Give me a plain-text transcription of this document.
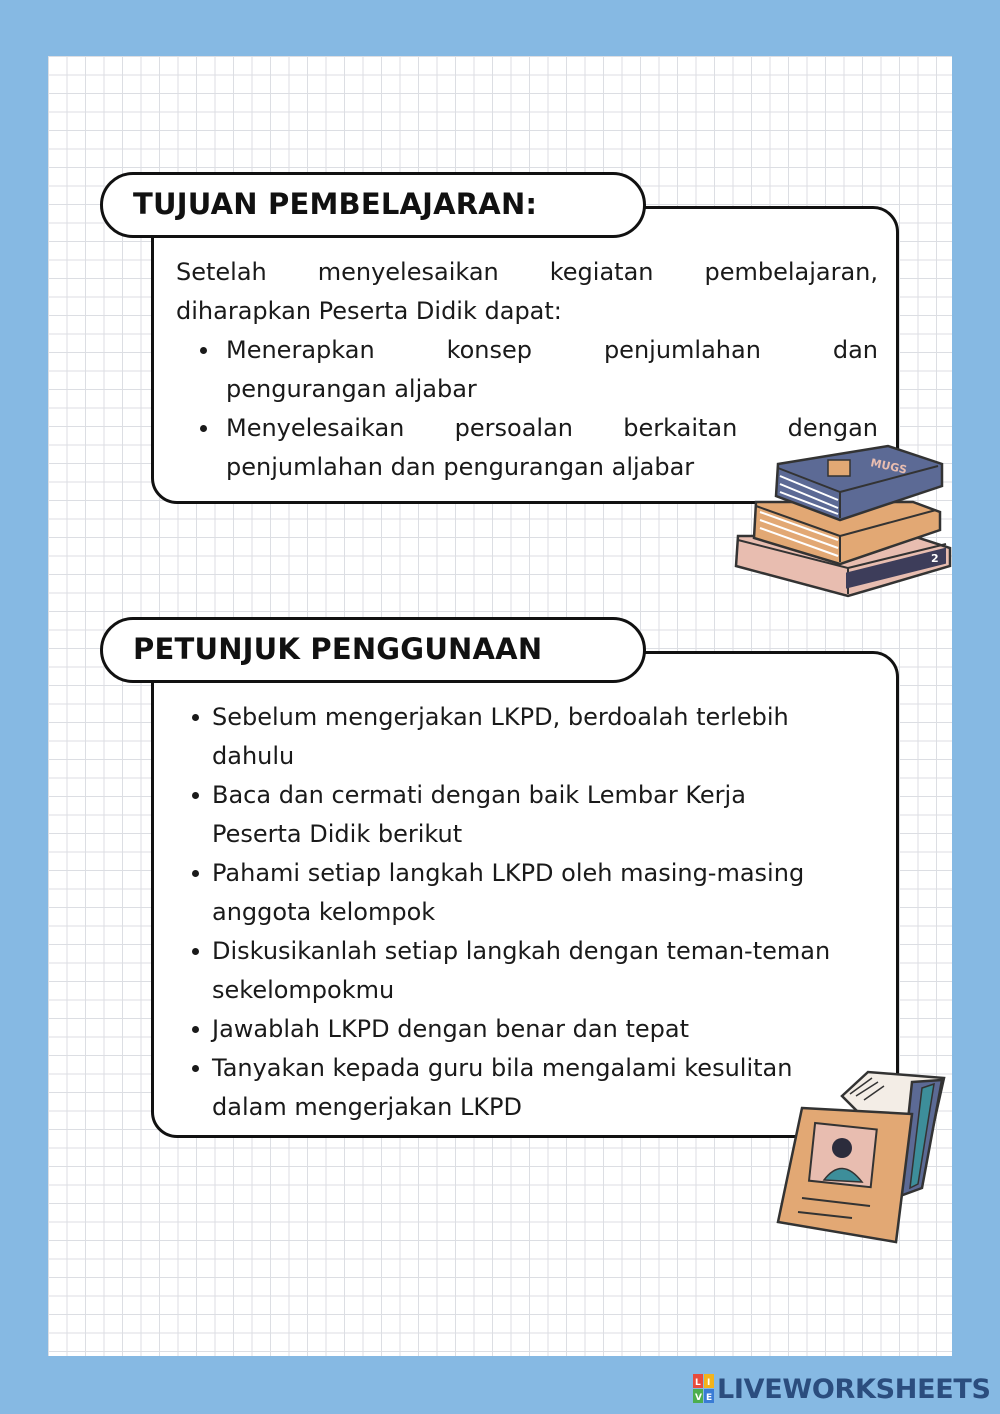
Setelah menyelesaikan kegiatan pembelajaran,

diharapkan Peserta Didik dapat:

Menerapkan konsep penjumlahan dan
pengurangan aljabar
Menyelesaikan persoalan berkaitan dengan
penjumlahan dan pengurangan aljabar
TUJUAN PEMBELAJARAN:
2
MUGS
Sebelum mengerjakan LKPD, berdoalah terlebih
dahulu
Baca dan cermati dengan baik Lembar Kerja
Peserta Didik berikut
Pahami setiap langkah LKPD oleh masing-masing
anggota kelompok
Diskusikanlah setiap langkah dengan teman-teman
sekelompokmu
Jawablah LKPD dengan benar dan tepat
Tanyakan kepada guru bila mengalami kesulitan
dalam mengerjakan LKPD
PETUNJUK PENGGUNAAN
L I
V E LIVEWORKSHEETS
